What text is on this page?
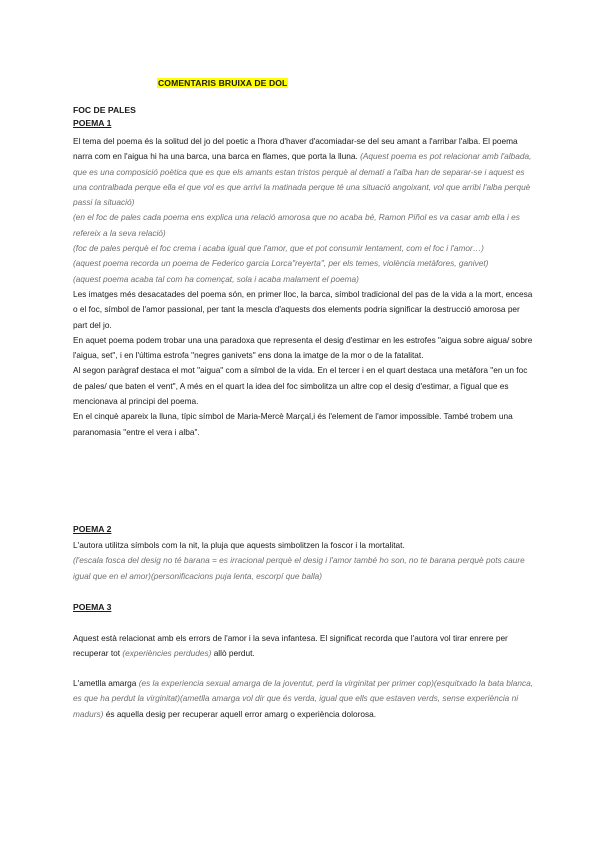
COMENTARIS BRUIXA DE DOL

FOC DE PALES

POEMA 1

El tema del poema és la solitud del jo del poetic a l'hora d'haver d'acomiadar-se del seu amant a l'arribar l'alba. El poema narra com en l'aigua hi ha una barca, una barca en flames, que porta la lluna. (Aquest poema es pot relacionar amb l'albada, que es una composició poètica que es que els amants estan tristos perquè al dematí a l'alba han de separar-se i aquest es una contralbada perque ella el que vol es que arrivi la matinada perque té una situació angoixant, vol que arribi l'alba perquè passi la situació)

(en el foc de pales cada poema ens explica una relació amorosa que no acaba bé, Ramon Piñol es va casar amb ella i es refereix a la seva relació)

(foc de pales perquè el foc crema i acaba igual que l'amor, que et pot consumir lentament, com el foc i l'amor…)

(aquest poema recorda un poema de Federico garcia Lorca"reyerta", per els temes, violència metàfores, ganivet)

(aquest poema acaba tal com ha començat, sola i acaba malament el poema)

Les imatges més desacatades del poema són, en primer lloc, la barca, símbol tradicional del pas de la vida a la mort, encesa o el foc, símbol de l'amor passional, per tant la mescla d'aquests dos elements podria significar la destrucció amorosa per part del jo.

En aquet poema podem trobar una una paradoxa que representa el desig d'estimar en les estrofes "aigua sobre aigua/ sobre l'aigua, set", i en l'última estrofa "negres ganivets" ens dona la imatge de la mor o de la fatalitat.

Al segon paràgraf destaca el mot "aigua" com a símbol de la vida. En el tercer i en el quart destaca una metàfora "en un foc de pales/ que baten el vent", A més en el quart la idea del foc simbolitza un altre cop el desig d'estimar, a l'igual que es mencionava al principi del poema.

En el cinquè apareix la lluna, típic símbol de Maria-Mercè Marçal,i és l'element de l'amor impossible. També trobem una paranomasia "entre el vera i alba".

POEMA 2

L'autora utilitza símbols com la nit, la pluja que aquests simbolitzen la foscor i la mortalitat.

(l'escala fosca del desig no té barana = es irracional perquè el desig i l'amor també ho son, no te barana perquè pots caure igual que en el amor)(personificacions puja lenta, escorpí que balla)

POEMA 3

Aquest està relacionat amb els errors de l'amor i la seva infantesa. El significat recorda que l'autora vol tirar enrere per recuperar tot (experiències perdudes) allò perdut.

L'ametlla amarga (es la experiencia sexual amarga de la joventut, perd la virginitat per primer cop)(esquitxado la bata blanca, es que ha perdut la virginitat)(ametlla amarga vol dir que és verda, igual que ells que estaven verds, sense experiència ni madurs) és aquella desig per recuperar aquell error amarg o experiència dolorosa.
